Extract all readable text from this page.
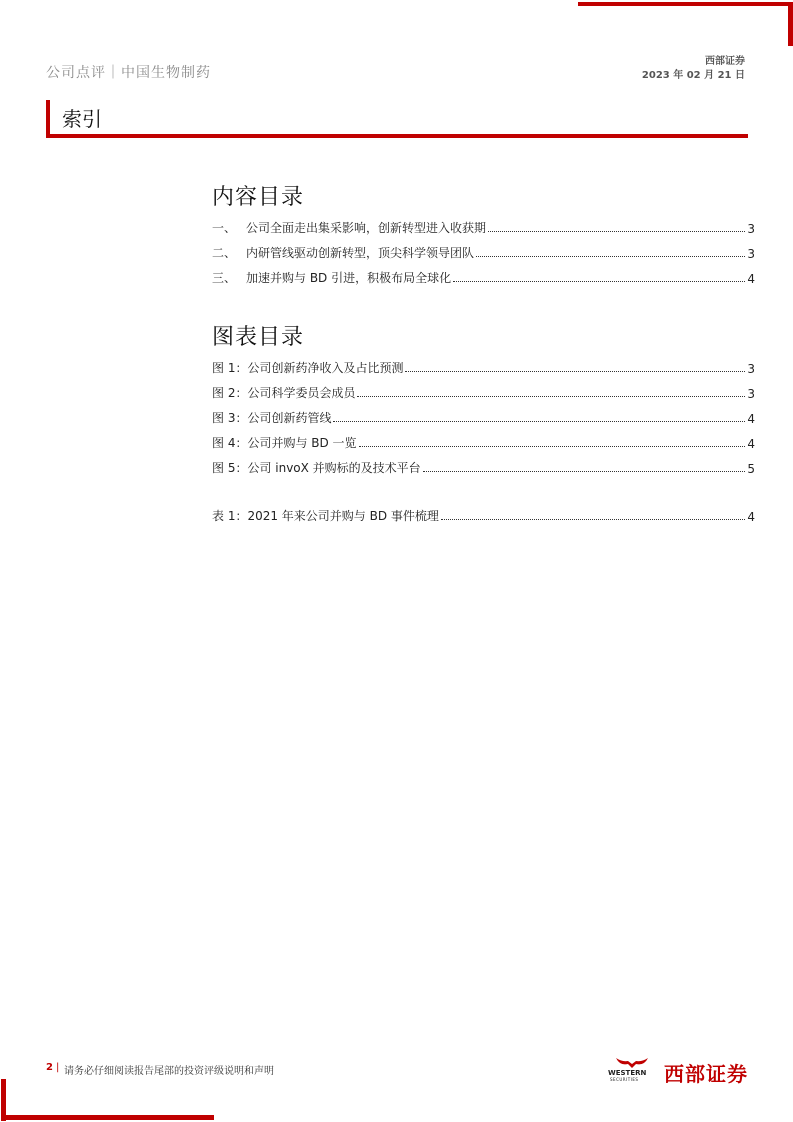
公司点评｜中国生物制药
西部证券
2023 年 02 月 21 日
索引
内容目录
一、 公司全面走出集采影响，创新转型进入收获期	3
二、 内研管线驱动创新转型，顶尖科学领导团队	3
三、 加速并购与 BD 引进，积极布局全球化	4
图表目录
图 1：公司创新药净收入及占比预测	3
图 2：公司科学委员会成员	3
图 3：公司创新药管线	4
图 4：公司并购与 BD 一览	4
图 5：公司 invoX 并购标的及技术平台	5
表 1：2021 年来公司并购与 BD 事件梳理	4
2 | 请务必仔细阅读报告尾部的投资评级说明和声明	WESTERN
SECURITIES 西部证券
